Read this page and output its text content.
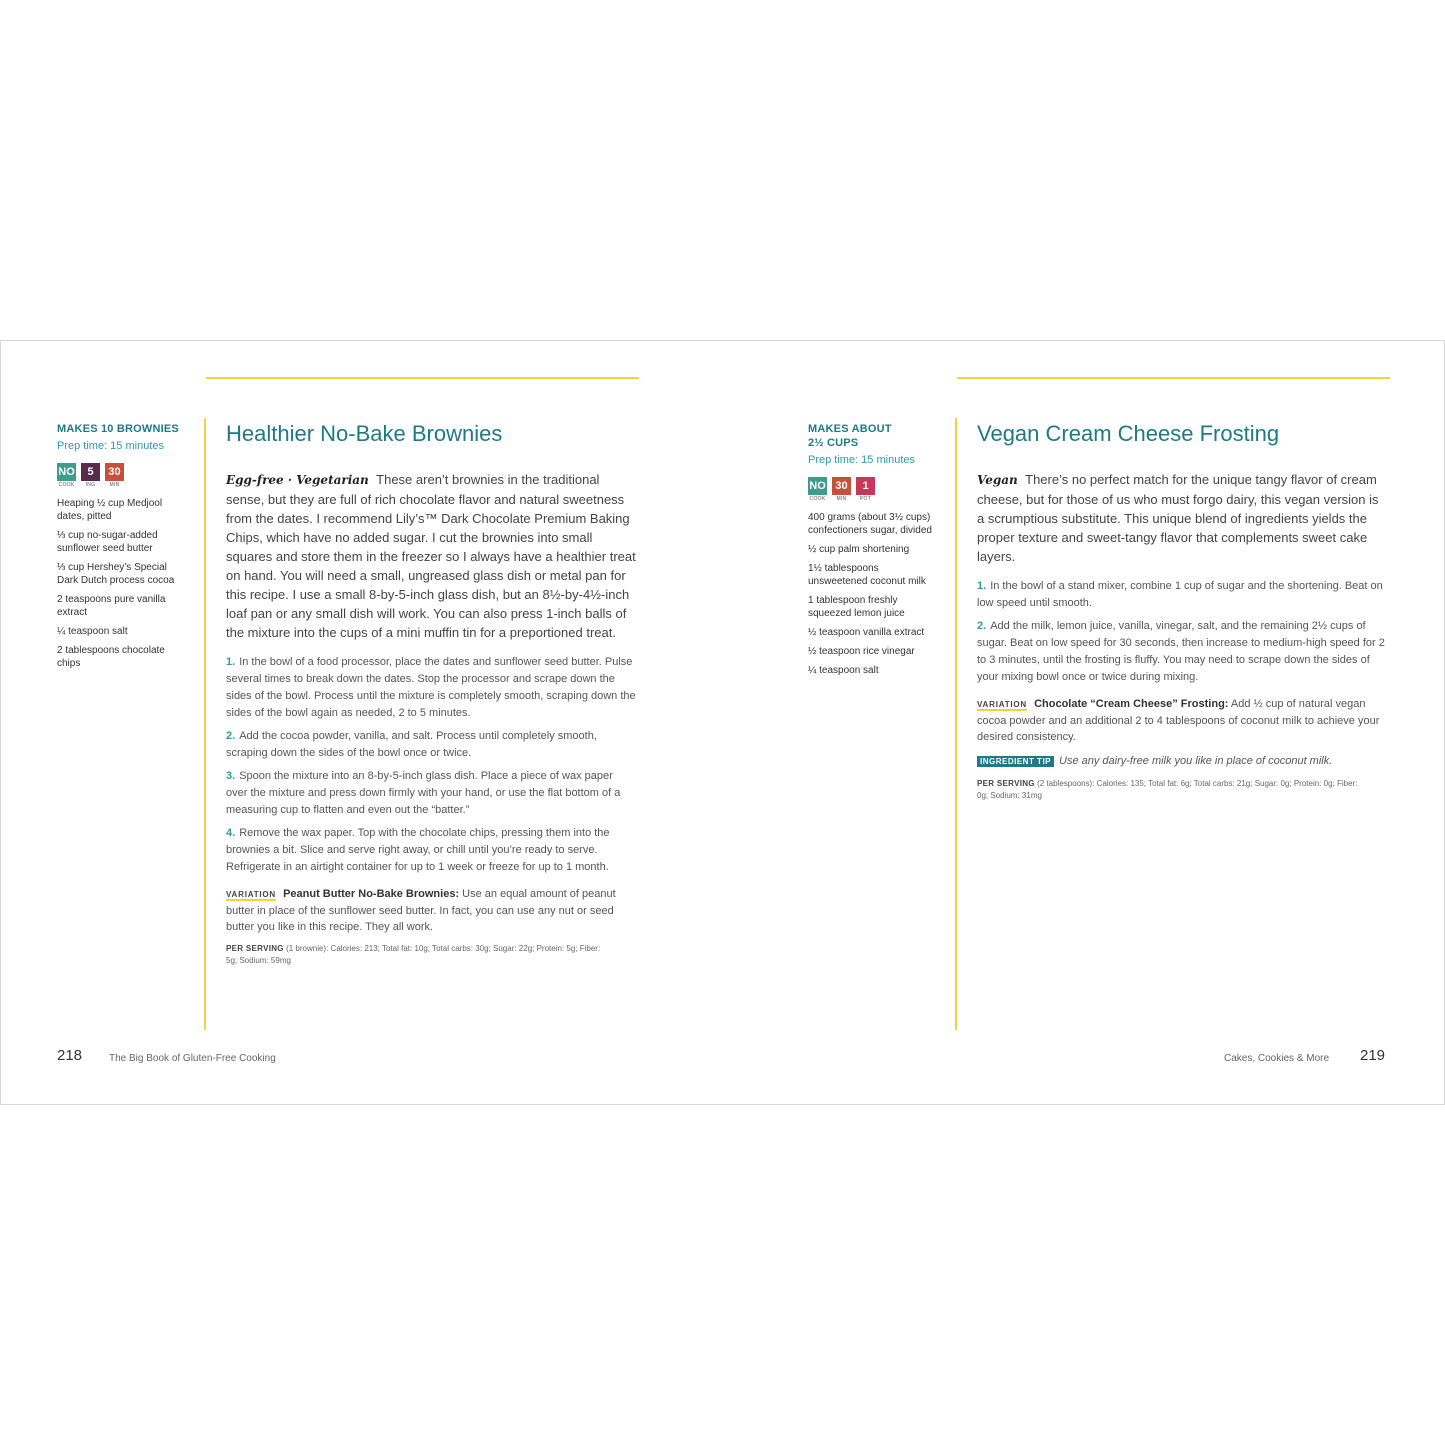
MAKES 10 BROWNIES
Prep time: 15 minutes
NO
COOK
5
ING
30
MIN
Heaping ½ cup Medjool dates, pitted
⅓ cup no-sugar-added sunflower seed butter
⅓ cup Hershey’s Special Dark Dutch process cocoa
2 teaspoons pure vanilla extract
¼ teaspoon salt
2 tablespoons chocolate chips
Healthier No-Bake Brownies

Egg-free · Vegetarian These aren’t brownies in the traditional sense, but they are full of rich chocolate flavor and natural sweetness from the dates. I recommend Lily’s™ Dark Chocolate Premium Baking Chips, which have no added sugar. I cut the brownies into small squares and store them in the freezer so I always have a healthier treat on hand. You will need a small, ungreased glass dish or metal pan for this recipe. I use a small 8-by-5-inch glass dish, but an 8½-by-4½-inch loaf pan or any small dish will work. You can also press 1-inch balls of the mixture into the cups of a mini muffin tin for a preportioned treat.

1. In the bowl of a food processor, place the dates and sunflower seed butter. Pulse several times to break down the dates. Stop the processor and scrape down the sides of the bowl. Process until the mixture is completely smooth, scraping down the sides of the bowl again as needed, 2 to 5 minutes.

2. Add the cocoa powder, vanilla, and salt. Process until completely smooth, scraping down the sides of the bowl once or twice.

3. Spoon the mixture into an 8-by-5-inch glass dish. Place a piece of wax paper over the mixture and press down firmly with your hand, or use the flat bottom of a measuring cup to flatten and even out the “batter.”

4. Remove the wax paper. Top with the chocolate chips, pressing them into the brownies a bit. Slice and serve right away, or chill until you’re ready to serve. Refrigerate in an airtight container for up to 1 week or freeze for up to 1 month.

VARIATION Peanut Butter No-Bake Brownies: Use an equal amount of peanut butter in place of the sunflower seed butter. In fact, you can use any nut or seed butter you like in this recipe. They all work.

PER SERVING (1 brownie): Calories: 213; Total fat: 10g; Total carbs: 30g; Sugar: 22g; Protein: 5g; Fiber: 5g; Sodium: 59mg

218	The Big Book of Gluten-Free Cooking
MAKES ABOUT 2½ CUPS
Prep time: 15 minutes
NO
COOK
30
MIN
1
POT
400 grams (about 3½ cups) confectioners sugar, divided
½ cup palm shortening
1½ tablespoons unsweetened coconut milk
1 tablespoon freshly squeezed lemon juice
½ teaspoon vanilla extract
½ teaspoon rice vinegar
¼ teaspoon salt
Vegan Cream Cheese Frosting

Vegan There’s no perfect match for the unique tangy flavor of cream cheese, but for those of us who must forgo dairy, this vegan version is a scrumptious substitute. This unique blend of ingredients yields the proper texture and sweet-tangy flavor that complements sweet cake layers.

1. In the bowl of a stand mixer, combine 1 cup of sugar and the shortening. Beat on low speed until smooth.

2. Add the milk, lemon juice, vanilla, vinegar, salt, and the remaining 2½ cups of sugar. Beat on low speed for 30 seconds, then increase to medium-high speed for 2 to 3 minutes, until the frosting is fluffy. You may need to scrape down the sides of your mixing bowl once or twice during mixing.

VARIATION Chocolate “Cream Cheese” Frosting: Add ½ cup of natural vegan cocoa powder and an additional 2 to 4 tablespoons of coconut milk to achieve your desired consistency.

INGREDIENT TIP Use any dairy-free milk you like in place of coconut milk.

PER SERVING (2 tablespoons): Calories: 135; Total fat: 6g; Total carbs: 21g; Sugar: 0g; Protein: 0g; Fiber: 0g; Sodium: 31mg

Cakes, Cookies & More 219
